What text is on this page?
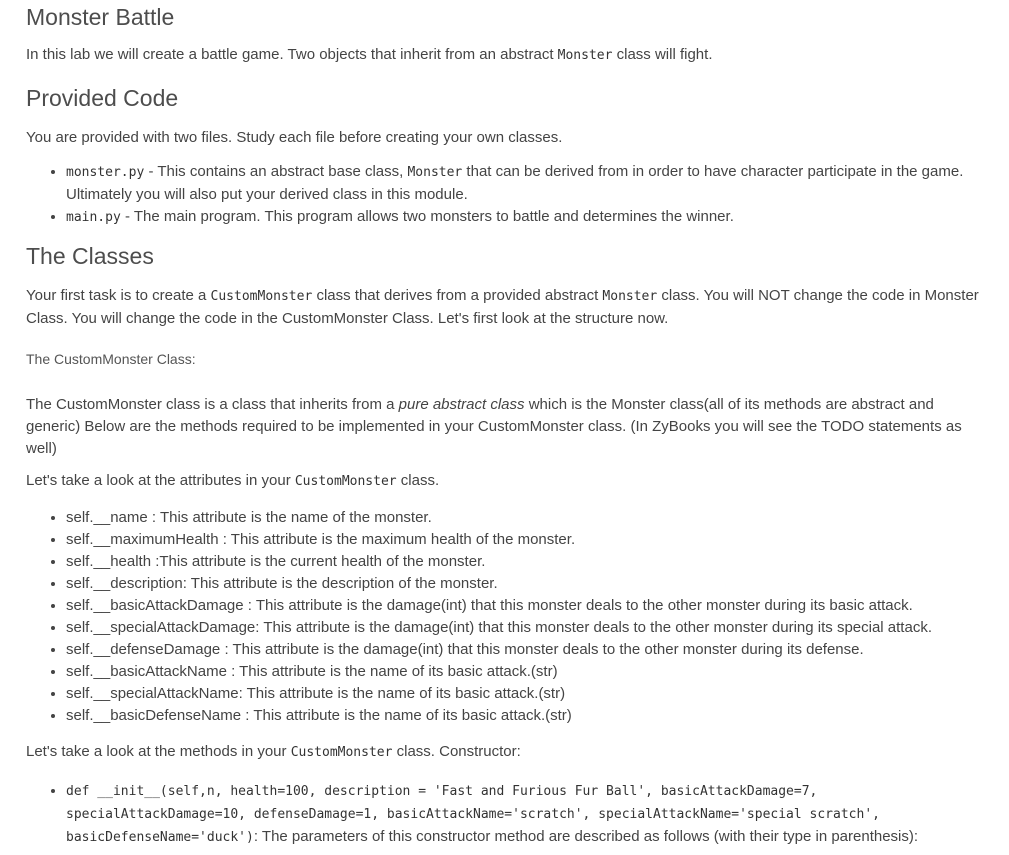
Monster Battle

In this lab we will create a battle game. Two objects that inherit from an abstract Monster class will fight.

Provided Code

You are provided with two files. Study each file before creating your own classes.

• monster.py - This contains an abstract base class, Monster that can be derived from in order to have character participate in the game. Ultimately you will also put your derived class in this module.
• main.py - The main program. This program allows two monsters to battle and determines the winner.
The Classes

Your first task is to create a CustomMonster class that derives from a provided abstract Monster class. You will NOT change the code in Monster Class. You will change the code in the CustomMonster Class. Let's first look at the structure now.

The CustomMonster Class:

The CustomMonster class is a class that inherits from a pure abstract class which is the Monster class(all of its methods are abstract and generic) Below are the methods required to be implemented in your CustomMonster class. (In ZyBooks you will see the TODO statements as well)

Let's take a look at the attributes in your CustomMonster class.

• self.__name : This attribute is the name of the monster.
• self.__maximumHealth : This attribute is the maximum health of the monster.
• self.__health :This attribute is the current health of the monster.
• self.__description: This attribute is the description of the monster.
• self.__basicAttackDamage : This attribute is the damage(int) that this monster deals to the other monster during its basic attack.
• self.__specialAttackDamage: This attribute is the damage(int) that this monster deals to the other monster during its special attack.
• self.__defenseDamage : This attribute is the damage(int) that this monster deals to the other monster during its defense.
• self.__basicAttackName : This attribute is the name of its basic attack.(str)
• self.__specialAttackName: This attribute is the name of its basic attack.(str)
• self.__basicDefenseName : This attribute is the name of its basic attack.(str)

Let's take a look at the methods in your CustomMonster class. Constructor:

• def __init__(self,n, health=100, description = 'Fast and Furious Fur Ball', basicAttackDamage=7, specialAttackDamage=10, defenseDamage=1, basicAttackName='scratch', specialAttackName='special scratch', basicDefenseName='duck'): The parameters of this constructor method are described as follows (with their type in parenthesis):
